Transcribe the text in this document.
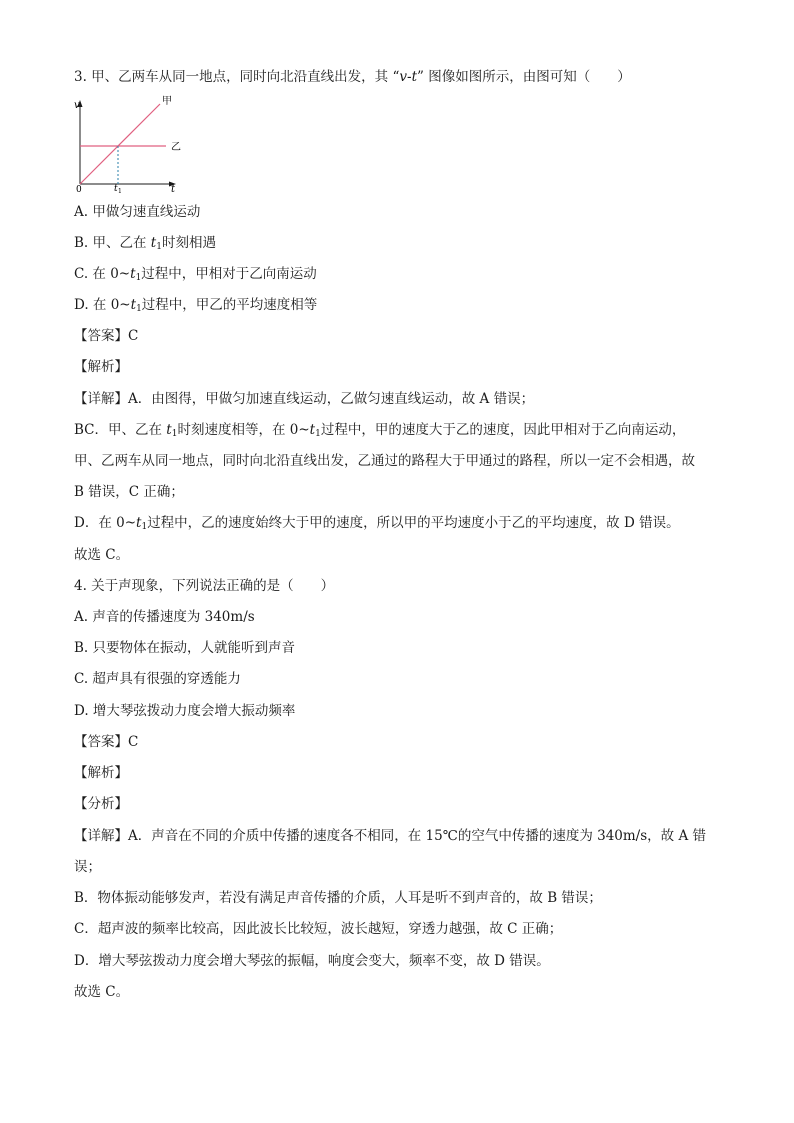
3. 甲、乙两车从同一地点，同时向北沿直线出发，其 “v-t” 图像如图所示，由图可知（　　）
v
t
0	t 1
甲
乙
A. 甲做匀速直线运动
B. 甲、乙在 $t_1$时刻相遇
C. 在 $0\sim t_1$过程中，甲相对于乙向南运动
D. 在 $0\sim t_1$过程中，甲乙的平均速度相等
【答案】C
【解析】
【详解】A．由图得，甲做匀加速直线运动，乙做匀速直线运动，故 A 错误；
BC．甲、乙在 $t_1$时刻速度相等，在 $0\sim t_1$过程中，甲的速度大于乙的速度，因此甲相对于乙向南运动，
甲、乙两车从同一地点，同时向北沿直线出发，乙通过的路程大于甲通过的路程，所以一定不会相遇，故
B 错误，C 正确；
D．在 $0\sim t_1$过程中，乙的速度始终大于甲的速度，所以甲的平均速度小于乙的平均速度，故 D 错误。
故选 C。
4. 关于声现象，下列说法正确的是（　　）
A. 声音的传播速度为 340m/s
B. 只要物体在振动，人就能听到声音
C. 超声具有很强的穿透能力
D. 增大琴弦拨动力度会增大振动频率
【答案】C
【解析】
【分析】
【详解】A．声音在不同的介质中传播的速度各不相同，在 15℃的空气中传播的速度为 340m/s，故 A 错
误；
B．物体振动能够发声，若没有满足声音传播的介质，人耳是听不到声音的，故 B 错误；
C．超声波的频率比较高，因此波长比较短，波长越短，穿透力越强，故 C 正确；
D．增大琴弦拨动力度会增大琴弦的振幅，响度会变大，频率不变，故 D 错误。
故选 C。
